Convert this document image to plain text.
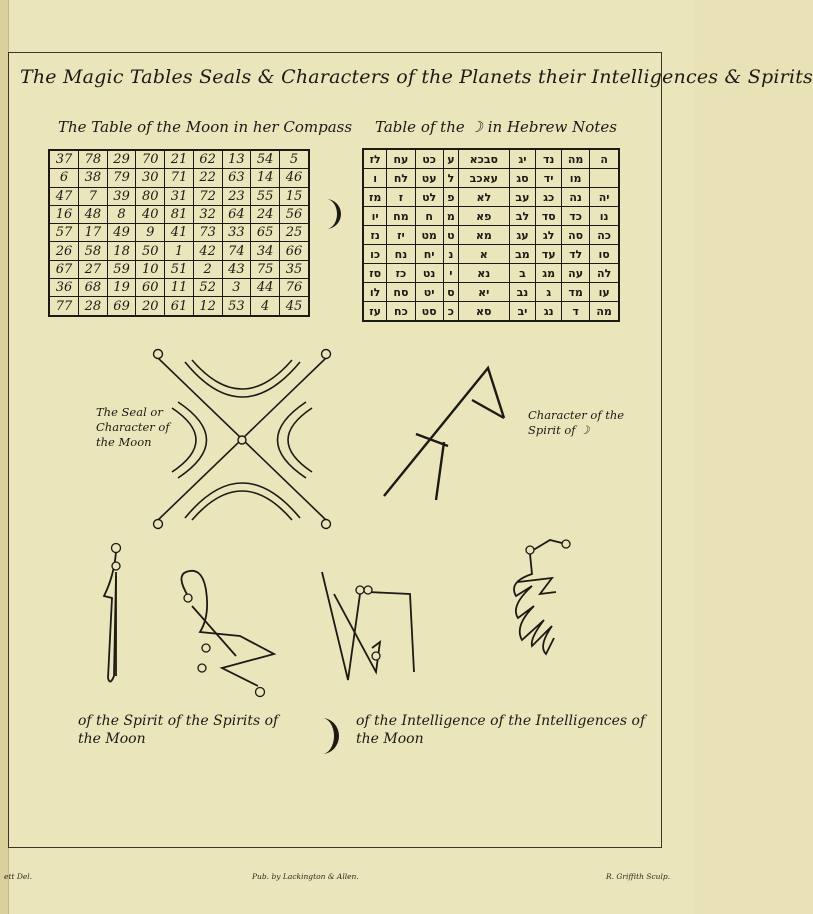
The Magic Tables Seals & Characters of the Planets their Intelligences & Spirits
The Table of the Moon in her Compass Table of the ☽ in Hebrew Notes
37	78	29	70	21	62	13	54	5
6	38	79	30	71	22	63	14	46
47	7	39	80	31	72	23	55	15
16	48	8	40	81	32	64	24	56
57	17	49	9	41	73	33	65	25
26	58	18	50	1	42	74	34	66
67	27	59	10	51	2	43	75	35
36	68	19	60	11	52	3	44	76
77	28	69	20	61	12	53	4	45
לז	עח	כט	ע	סבכא	יג	נד	מה	ה
ו	לח	עט	ל	עאכב	סג	יד	מו	
מז	ז	לט	פ	לא	עב	כג	נה	יה
יו	מח	ח	מ	פא	לב	סד	כד	נו
נז	יז	מט	ט	מא	עג	לג	סה	כה
כו	נח	יח	נ	א	מב	עד	לד	סו
סז	כז	נט	י	נא	ב	מג	עה	לה
לו	סח	יט	ס	יא	נב	ג	מד	עו
עז	כח	סט	כ	סא	יב	נג	ד	מה
The Seal or Character of the Moon
Character of the Spirit of ☽
of the Spirit of the Spirits of the Moon
of the Intelligence of the Intelligences of the Moon
ett Del.	Pub. by Lackington & Allen.	R. Griffith Sculp.
